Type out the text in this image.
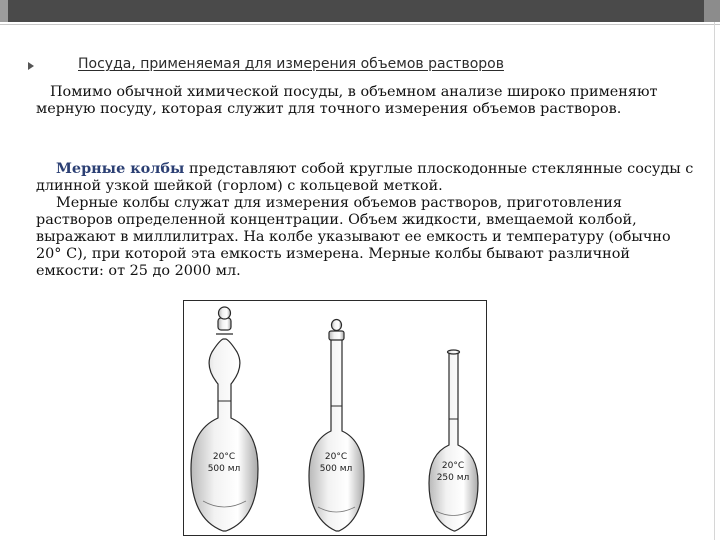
Посуда, применяемая для измерения объемов растворов

Помимо обычной химической посуды, в объемном анализе широко применяют мерную посуду, которая служит для точного измерения объемов растворов.

Мерные колбы представляют собой круглые плоскодонные стеклянные сосуды с длинной узкой шейкой (горлом) с кольцевой меткой.
Мерные колбы служат для измерения объемов растворов, приготовления растворов определенной концентрации. Объем жидкости, вмещаемой колбой, выражают в миллилитрах. На колбе указывают ее емкость и температуру (обычно 20° С), при которой эта емкость измерена. Мерные колбы бывают различной емкости: от 25 до 2000 мл.

20°С
500 мл
20°С
500 мл	20°С
250 мл
